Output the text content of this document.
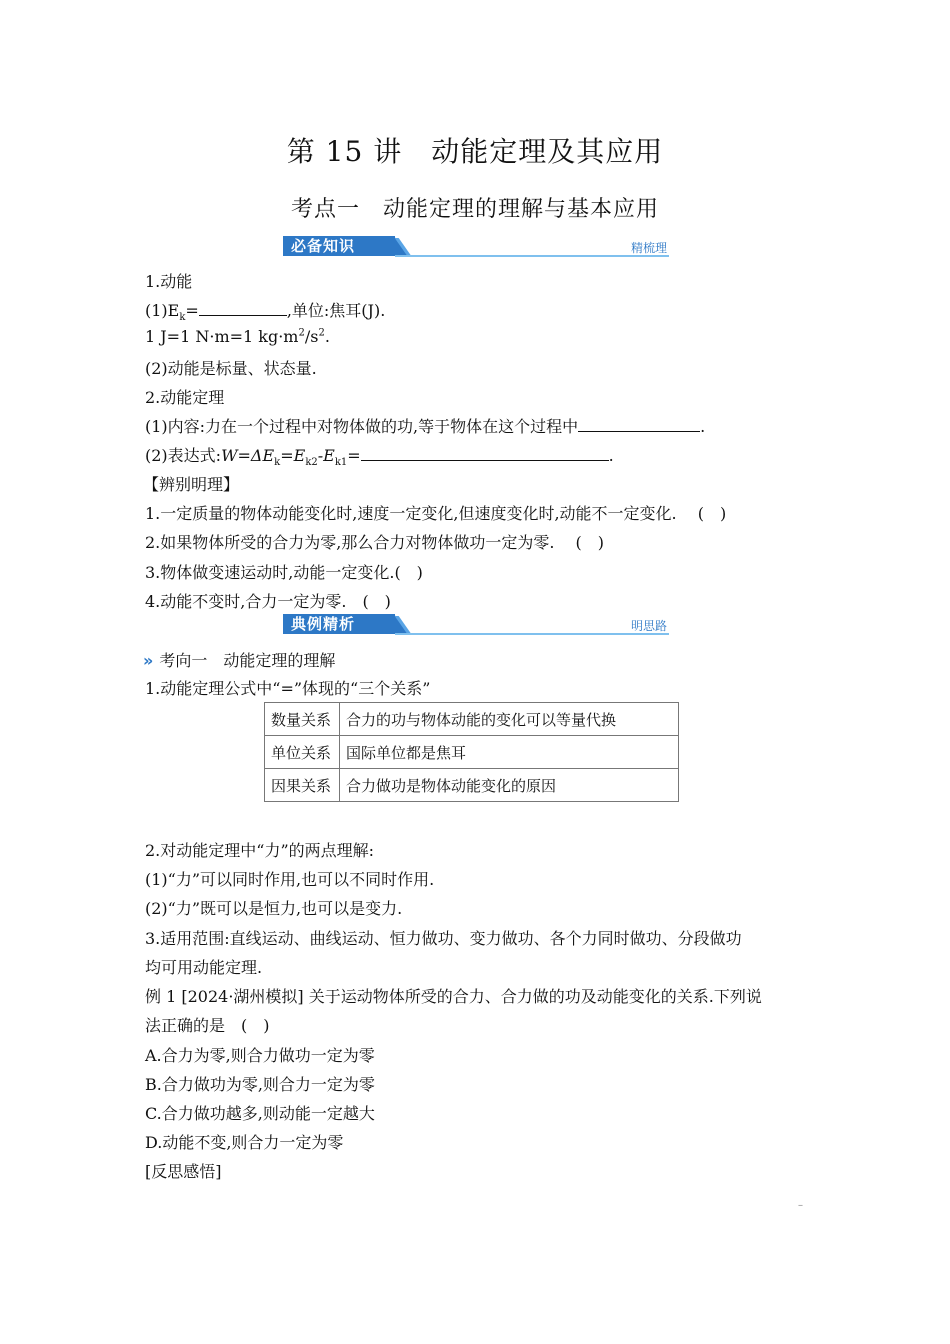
第 15 讲　动能定理及其应用
考点一　动能定理的理解与基本应用
必备知识	精梳理
1.动能
$(1)E_k=$	,单位:焦耳(J).
1 J=1 N·m=1 $kg\cdot m^2/s^2$.
(2)动能是标量、状态量.
2.动能定理
(1)内容:力在一个过程中对物体做的功,等于物体在这个过程中	.
(2)表达式$:W=\Delta E_k=E_{k2}-E_{k1}=$	.
【辨别明理】
1.一定质量的物体动能变化时,速度一定变化,但速度变化时,动能不一定变化.　 (　)
2.如果物体所受的合力为零,那么合力对物体做功一定为零.　 (　)
3.物体做变速运动时,动能一定变化.(　)
4.动能不变时,合力一定为零.　(　)
典例精析	明思路
» 考向一　动能定理的理解
1.动能定理公式中“=”体现的“三个关系”
数量关系	合力的功与物体动能的变化可以等量代换
单位关系	国际单位都是焦耳
因果关系	合力做功是物体动能变化的原因
2.对动能定理中“力”的两点理解:
(1)“力”可以同时作用,也可以不同时作用.
(2)“力”既可以是恒力,也可以是变力.
3.适用范围:直线运动、曲线运动、恒力做功、变力做功、各个力同时做功、分段做功
均可用动能定理.
例 1 [2024·湖州模拟] 关于运动物体所受的合力、合力做的功及动能变化的关系.下列说
法正确的是　(　)
A.合力为零,则合力做功一定为零
B.合力做功为零,则合力一定为零
C.合力做功越多,则动能一定越大
D.动能不变,则合力一定为零
[反思感悟]
–
